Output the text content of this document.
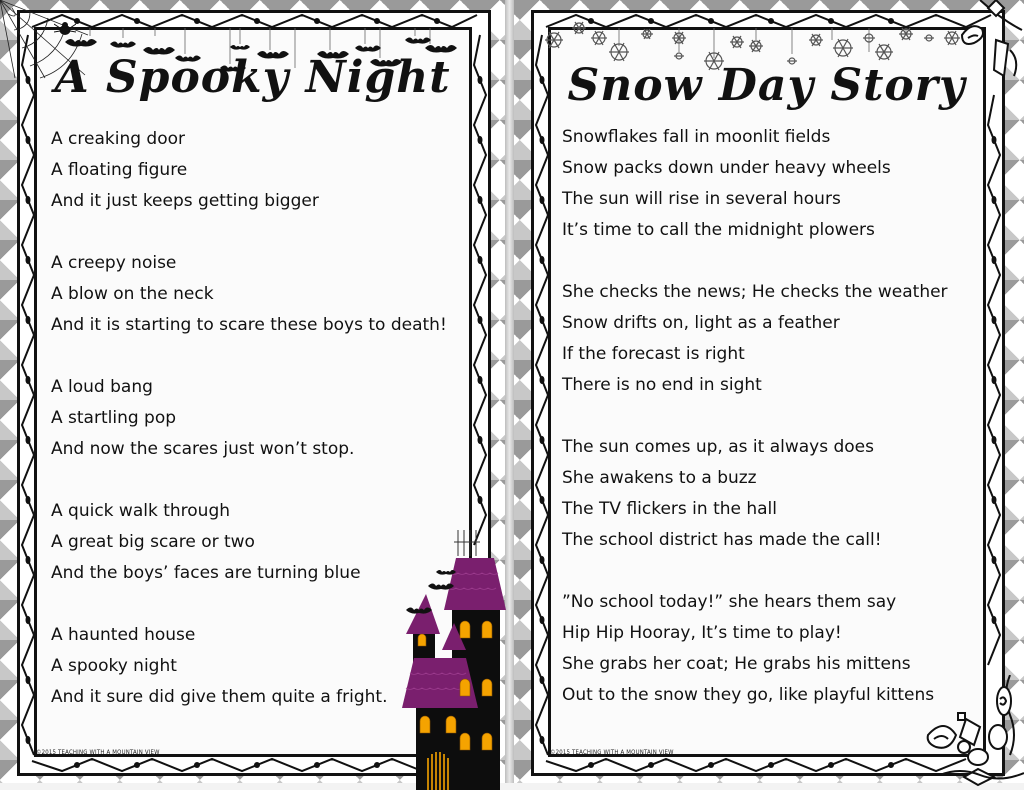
A Spooky Night
A creaking door
A floating figure
And it just keeps getting bigger
A creepy noise
A blow on the neck
And it is starting to scare these boys to death!
A loud bang
A startling pop
And now the scares just won’t stop.
A quick walk through
A great big scare or two
And the boys’ faces are turning blue
A haunted house
A spooky night
And it sure did give them quite a fright.
©2015 TEACHING WITH A MOUNTAIN VIEW
Snow Day Story
Snowflakes fall in moonlit fields
Snow packs down under heavy wheels
The sun will rise in several hours
It’s time to call the midnight plowers
She checks the news; He checks the weather
Snow drifts on, light as a feather
If the forecast is right
There is no end in sight
The sun comes up, as it always does
She awakens to a buzz
The TV flickers in the hall
The school district has made the call!
”No school today!” she hears them say
Hip Hip Hooray, It’s time to play!
She grabs her coat; He grabs his mittens
Out to the snow they go, like playful kittens
©2015 TEACHING WITH A MOUNTAIN VIEW
